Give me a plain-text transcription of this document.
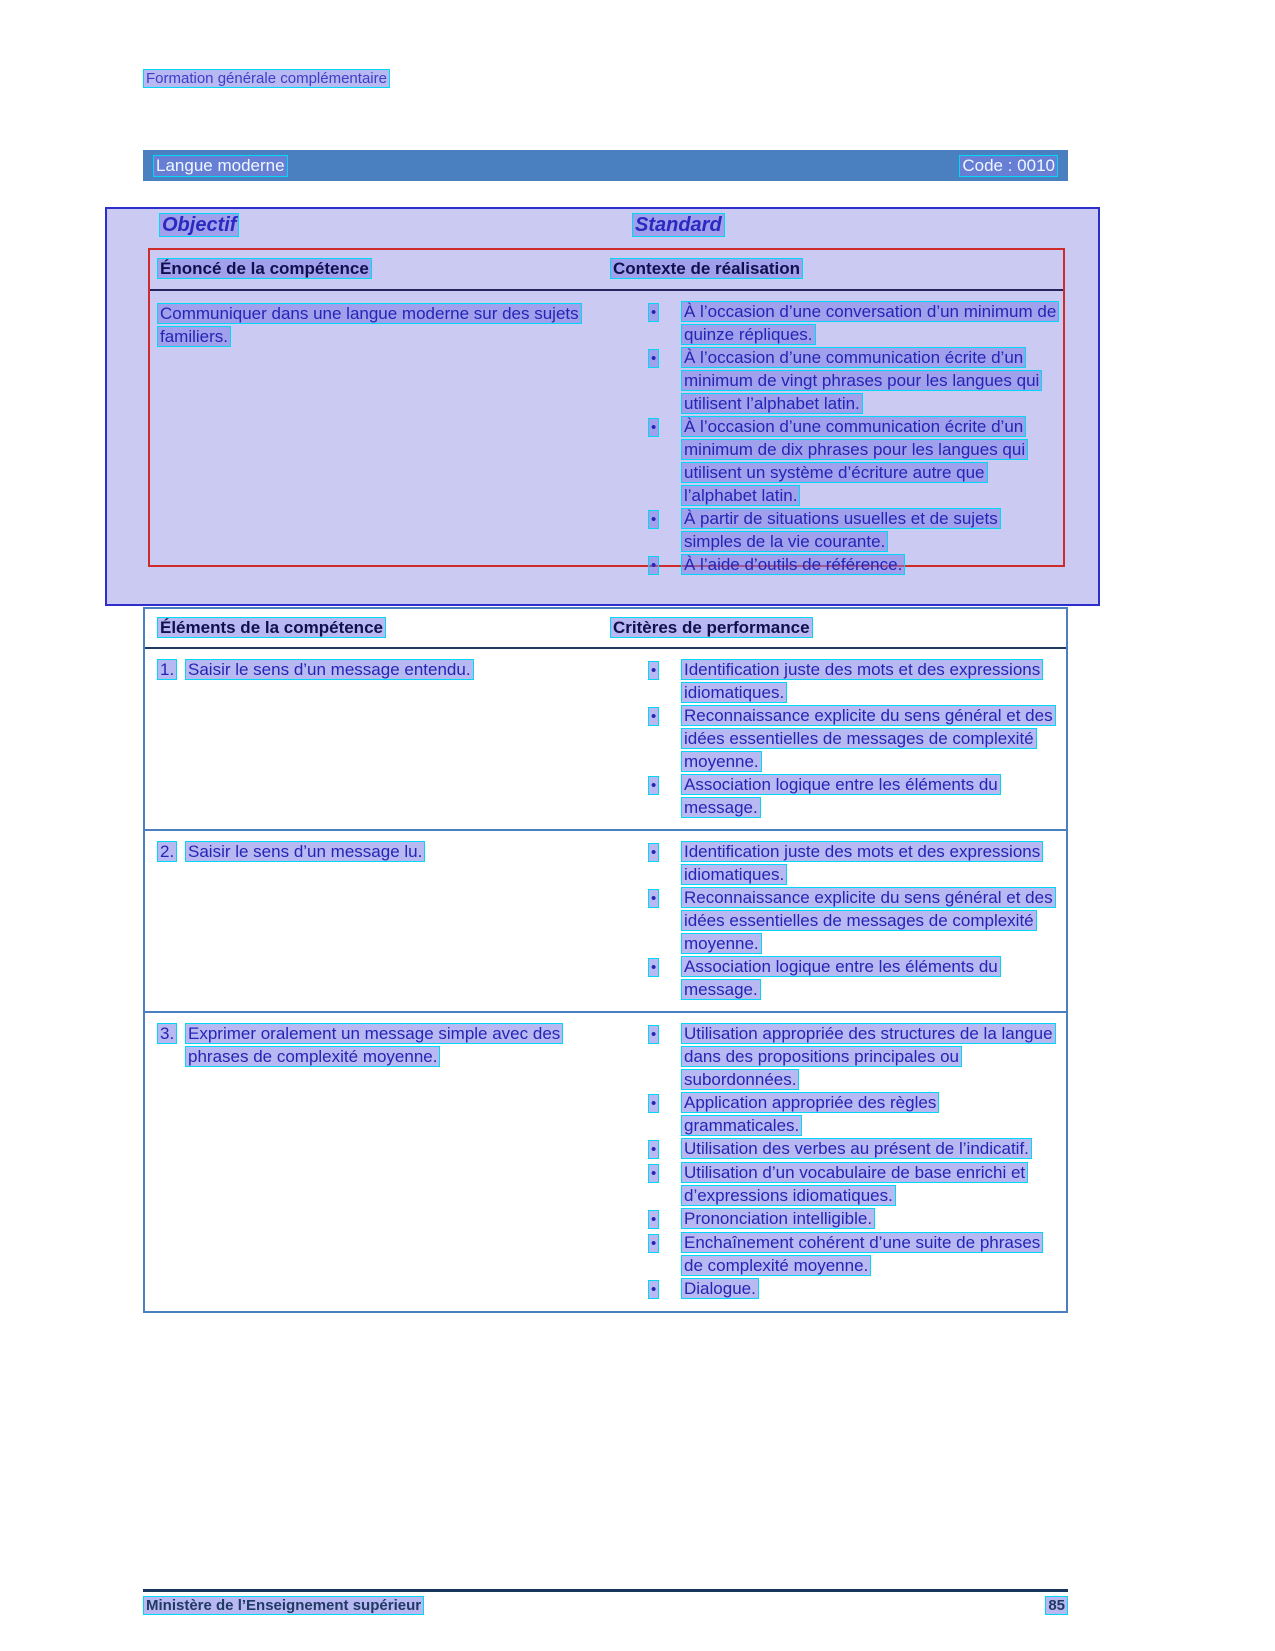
Formation générale complémentaire
Langue moderne	Code : 0010
Objectif	Standard
Énoncé de la compétence	Contexte de réalisation
Communiquer dans une langue moderne sur des sujets familiers.
•	À l’occasion d’une conversation d’un minimum de quinze répliques.
•	À l’occasion d’une communication écrite d’un minimum de vingt phrases pour les langues qui utilisent l’alphabet latin.
•	À l’occasion d’une communication écrite d’un minimum de dix phrases pour les langues qui utilisent un système d’écriture autre que l’alphabet latin.
•	À partir de situations usuelles et de sujets simples de la vie courante.
•	À l’aide d’outils de référence.
Éléments de la compétence	Critères de performance
1. Saisir le sens d’un message entendu.	•	Identification juste des mots et des expressions idiomatiques.
•	Reconnaissance explicite du sens général et des idées essentielles de messages de complexité moyenne.
•	Association logique entre les éléments du message.
2. Saisir le sens d’un message lu.	•	Identification juste des mots et des expressions idiomatiques.
•	Reconnaissance explicite du sens général et des idées essentielles de messages de complexité moyenne.
•	Association logique entre les éléments du message.
3. Exprimer oralement un message simple avec des phrases de complexité moyenne.
•	Utilisation appropriée des structures de la langue dans des propositions principales ou subordonnées.
•	Application appropriée des règles grammaticales.
•	Utilisation des verbes au présent de l’indicatif.
•	Utilisation d’un vocabulaire de base enrichi et d’expressions idiomatiques.
•	Prononciation intelligible.
•	Enchaînement cohérent d’une suite de phrases de complexité moyenne.
•	Dialogue.
Ministère de l’Enseignement supérieur	85
